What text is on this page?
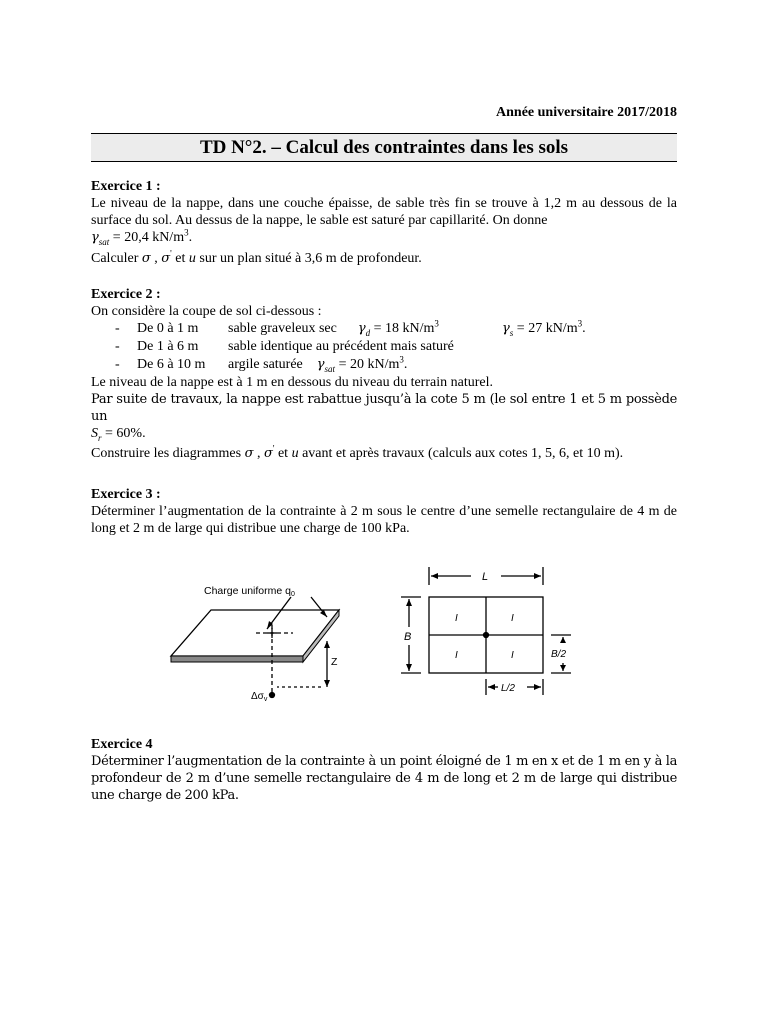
Année universitaire 2017/2018
TD N°2. – Calcul des contraintes dans les sols
Exercice 1 :
Le niveau de la nappe, dans une couche épaisse, de sable très fin se trouve à 1,2 m au dessous de la surface du sol. Au dessus de la nappe, le sable est saturé par capillarité. On donne
$\gamma_{sat} = 20,4$ $kN/m^3$.
Calculer σ , σ' et u sur un plan situé à 3,6 m de profondeur.
Exercice 2 :
On considère la coupe de sol ci-dessous :
- De 0 à 1 m sable graveleux $\sec \gamma_d = 18$ $kN/m^3$	$\gamma_s = 27$ $kN/m^3$.
- De 1 à 6 m sable identique au précédent mais saturé
- De 6 à 10 m argile saturée $\gamma_{sat} = 20$ $kN/m^3$.
Le niveau de la nappe est à 1 m en dessous du niveau du terrain naturel.
Par suite de travaux, la nappe est rabattue jusqu’à la cote 5 m (le sol entre 1 et 5 m possède un
$S_r = 60\%$.
Construire les diagrammes σ , σ' et u avant et après travaux (calculs aux cotes 1, 5, 6, et 10 m).
Exercice 3 :
Déterminer l’augmentation de la contrainte à 2 m sous le centre d’une semelle rectangulaire de 4 m de long et 2 m de large qui distribue une charge de 100 kPa.
Charge uniforme q0
Z
$\Delta\sigma_v$
L
B
B/2
L/2
I	I
I	I
Exercice 4
Déterminer l’augmentation de la contrainte à un point éloigné de 1 m en x et de 1 m en y à la profondeur de 2 m d’une semelle rectangulaire de 4 m de long et 2 m de large qui distribue une charge de 200 kPa.
